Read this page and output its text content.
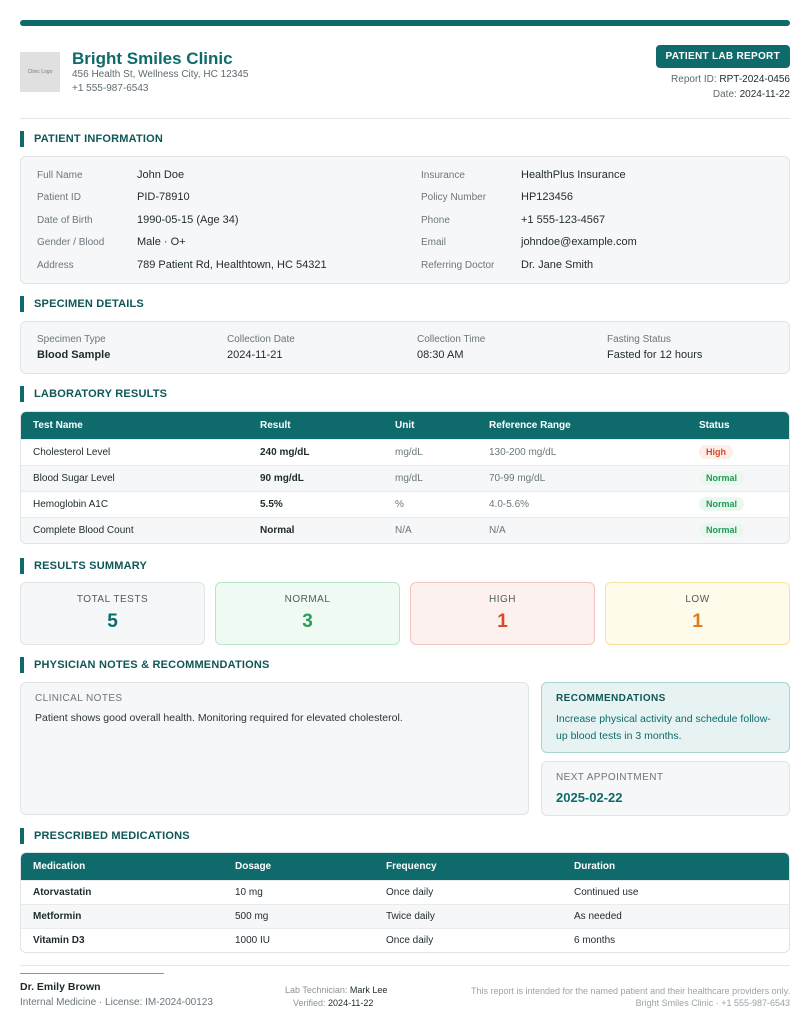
Clinic Logo
Bright Smiles Clinic
456 Health St, Wellness City, HC 12345
+1 555-987-6543
PATIENT LAB REPORT
Report ID: RPT-2024-0456
Date: 2024-11-22
PATIENT INFORMATION
Full Name	John Doe
Patient ID	PID-78910
Date of Birth	1990-05-15 (Age 34)
Gender / Blood	Male · O+
Address	789 Patient Rd, Healthtown, HC 54321
Insurance	HealthPlus Insurance
Policy Number	HP123456
Phone	+1 555-123-4567
Email	johndoe@example.com
Referring Doctor Dr. Jane Smith
SPECIMEN DETAILS
Specimen Type
Blood Sample
Collection Date
2024-11-21
Collection Time
08:30 AM
Fasting Status
Fasted for 12 hours
LABORATORY RESULTS
Test Name	Result	Unit	Reference Range	Status
Cholesterol Level	240 mg/dL	mg/dL	130-200 mg/dL	High
Blood Sugar Level	90 mg/dL	mg/dL	70-99 mg/dL	Normal
Hemoglobin A1C	5.5%	%	4.0-5.6%	Normal
Complete Blood Count	Normal	N/A	N/A	Normal
RESULTS SUMMARY
TOTAL TESTS
5
NORMAL
3
HIGH
1
LOW
1
PHYSICIAN NOTES & RECOMMENDATIONS
CLINICAL NOTES
Patient shows good overall health. Monitoring required for elevated cholesterol.
RECOMMENDATIONS
Increase physical activity and schedule follow-up blood tests in 3 months.
NEXT APPOINTMENT
2025-02-22
PRESCRIBED MEDICATIONS
Medication	Dosage	Frequency	Duration
Atorvastatin	10 mg	Once daily	Continued use
Metformin	500 mg	Twice daily	As needed
Vitamin D3	1000 IU	Once daily	6 months
Dr. Emily Brown
Internal Medicine · License: IM-2024-00123
Lab Technician: Mark Lee
Verified: 2024-11-22
This report is intended for the named patient and their healthcare providers only.
Bright Smiles Clinic · +1 555-987-6543
